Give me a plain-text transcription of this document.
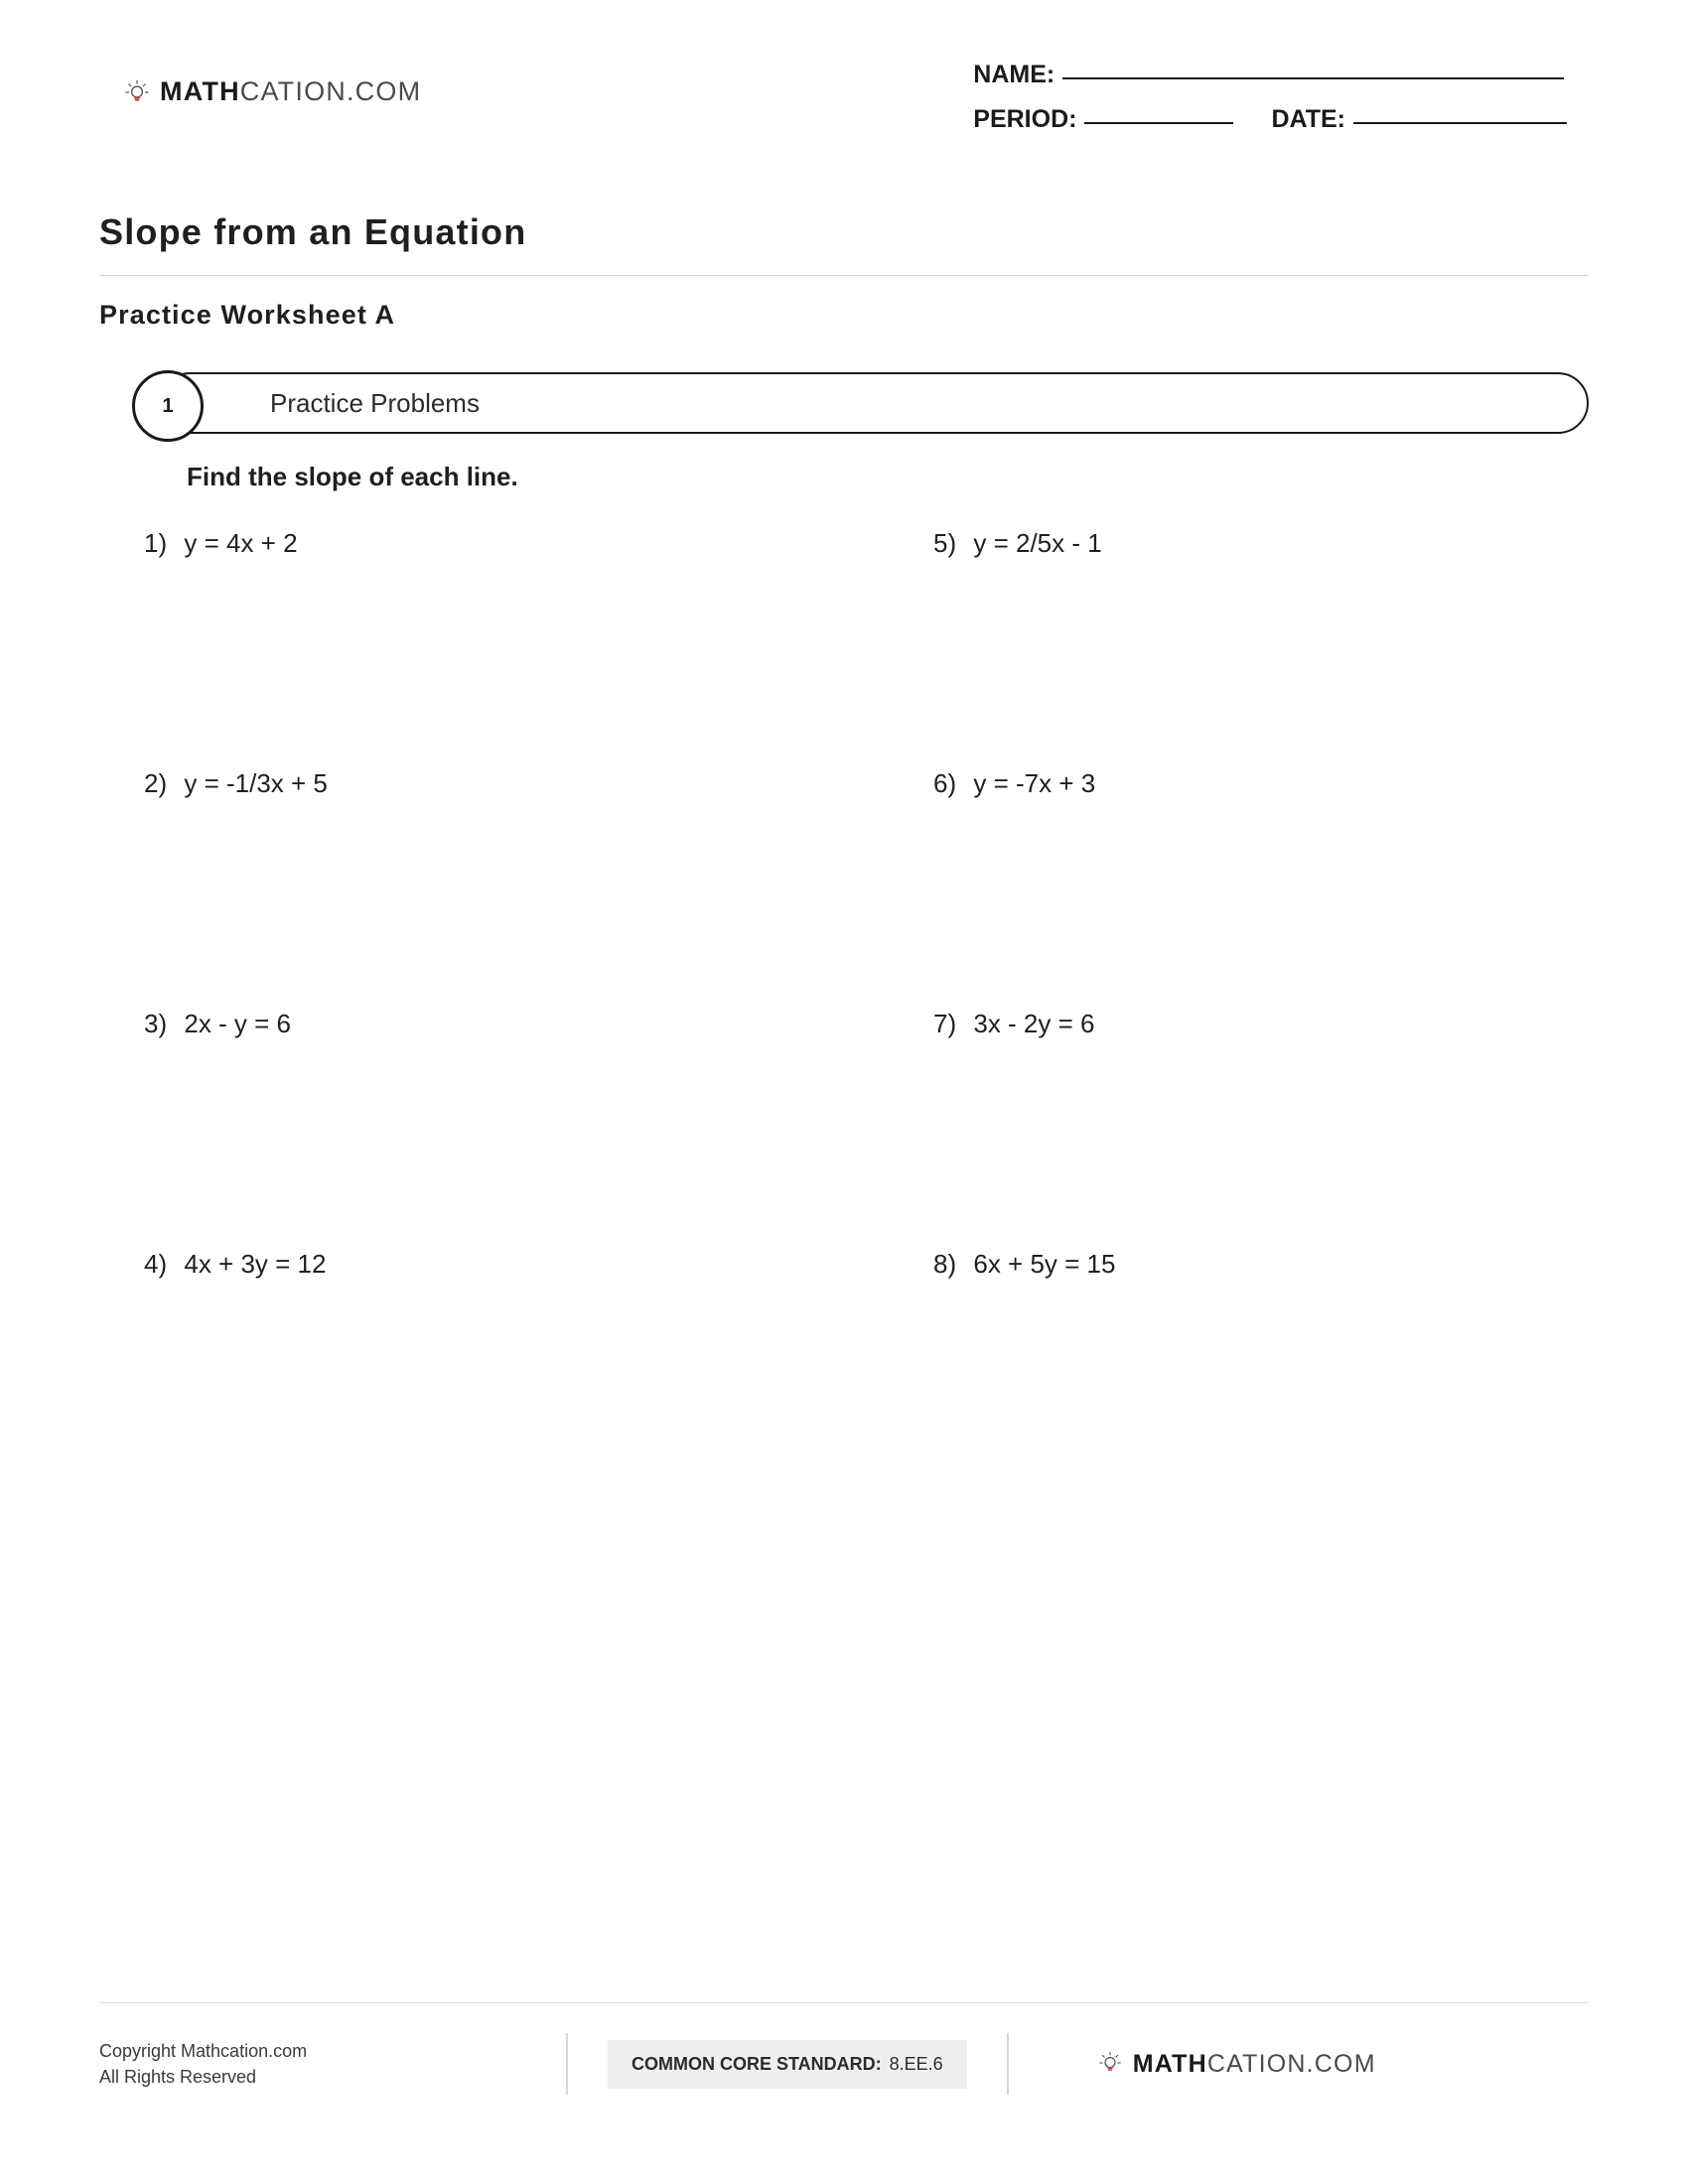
MATHCATION.COM
NAME:
PERIOD:	DATE:
Slope from an Equation
Practice Worksheet A
Practice Problems
1
Find the slope of each line.
1) y = 4x + 2
2) y = -1/3x + 5
3) 2x - y = 6
4) 4x + 3y = 12
5) y = 2/5x - 1
6) y = -7x + 3
7) 3x - 2y = 6
8) 6x + 5y = 15
Copyright Mathcation.com
All Rights Reserved
COMMON CORE STANDARD: 8.EE.6	MATHCATION.COM
